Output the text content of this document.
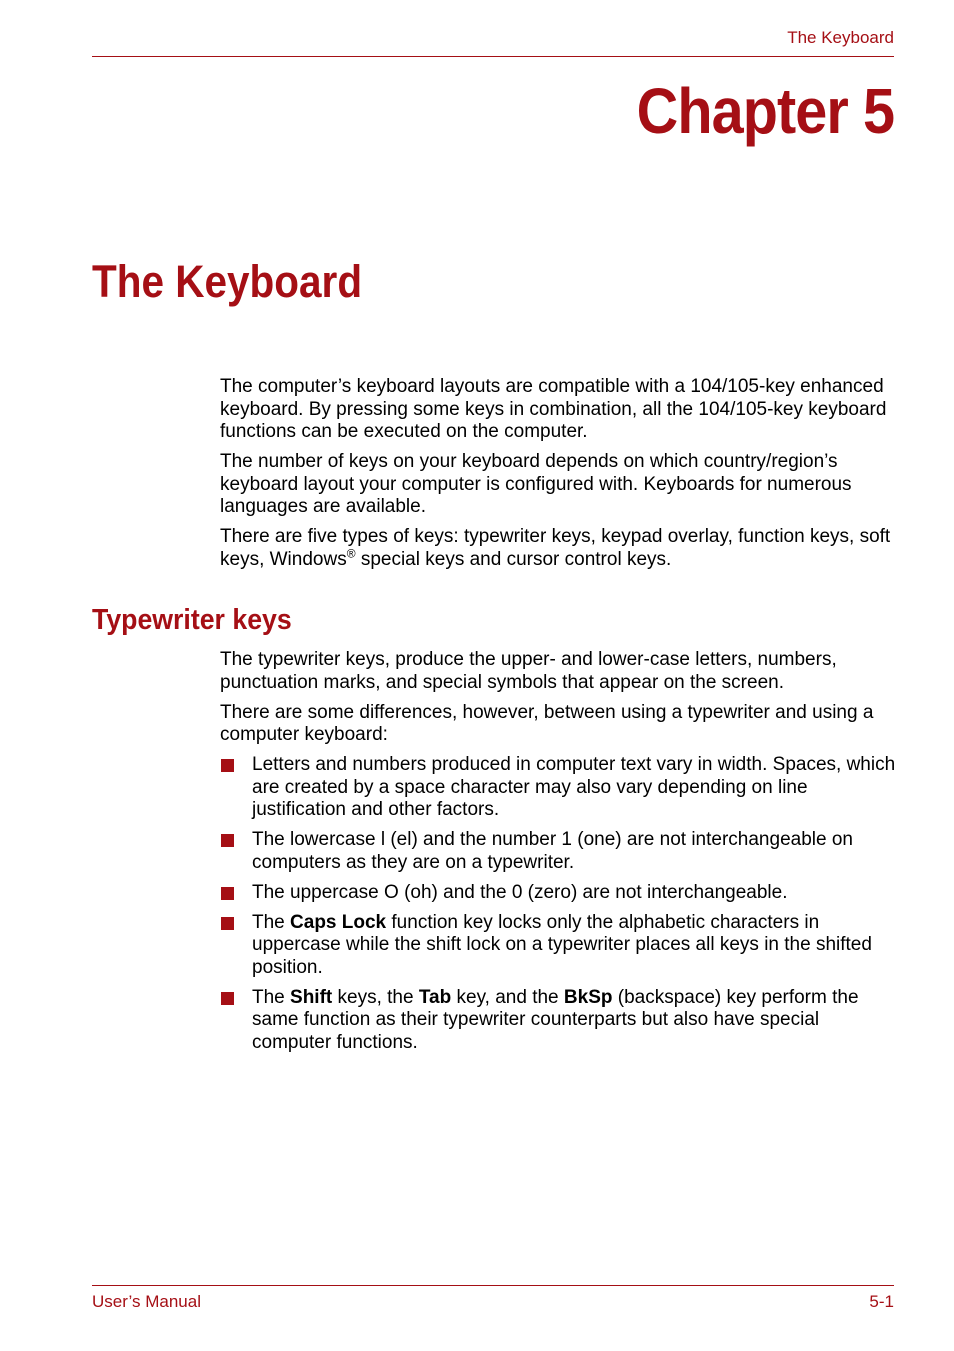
The Keyboard
Chapter 5
The Keyboard

The computer’s keyboard layouts are compatible with a 104/105-key enhanced keyboard. By pressing some keys in combination, all the 104/105-key keyboard functions can be executed on the computer.

The number of keys on your keyboard depends on which country/region’s keyboard layout your computer is configured with. Keyboards for numerous languages are available.

There are five types of keys: typewriter keys, keypad overlay, function keys, soft keys, Windows® special keys and cursor control keys.

Typewriter keys

The typewriter keys, produce the upper- and lower-case letters, numbers, punctuation marks, and special symbols that appear on the screen.

There are some differences, however, between using a typewriter and using a computer keyboard:

Letters and numbers produced in computer text vary in width. Spaces, which are created by a space character may also vary depending on line justification and other factors.
The lowercase l (el) and the number 1 (one) are not interchangeable on computers as they are on a typewriter.
The uppercase O (oh) and the 0 (zero) are not interchangeable.
The Caps Lock function key locks only the alphabetic characters in uppercase while the shift lock on a typewriter places all keys in the shifted position.
The Shift keys, the Tab key, and the BkSp (backspace) key perform the same function as their typewriter counterparts but also have special computer functions.
User’s Manual	5-1
